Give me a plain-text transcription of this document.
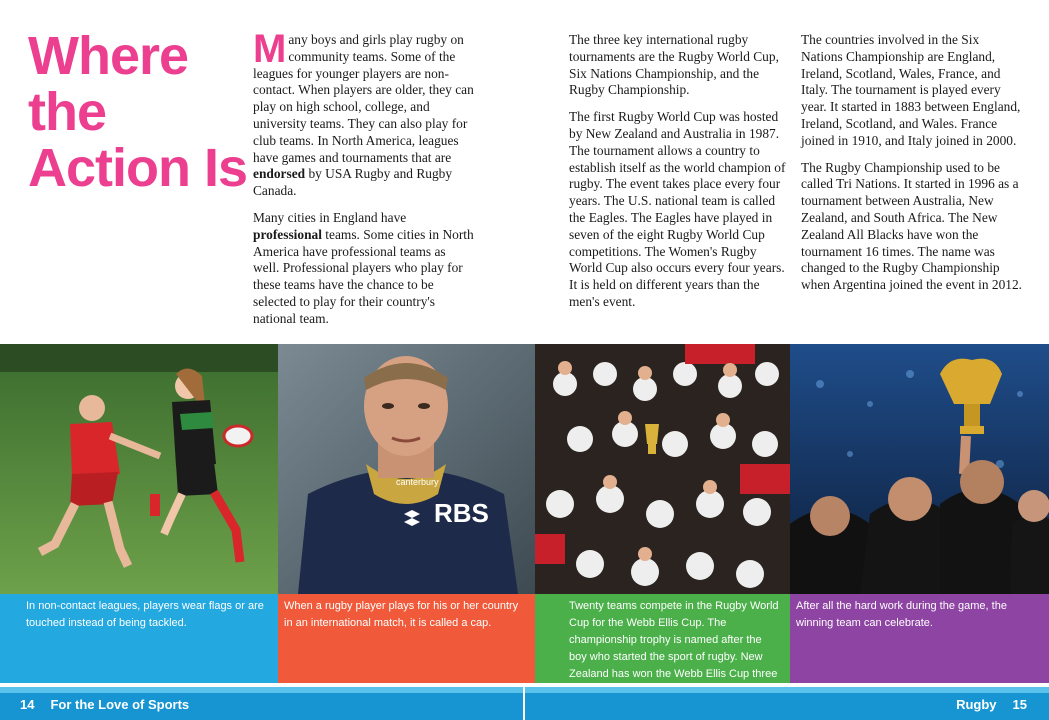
Where the
Action Is

Many boys and girls play rugby on community teams. Some of the leagues for younger players are non-contact. When players are older, they can play on high school, college, and university teams. They can also play for club teams. In North America, leagues have games and tournaments that are endorsed by USA Rugby and Rugby Canada.

Many cities in England have professional teams. Some cities in North America have professional teams as well. Professional players who play for these teams have the chance to be selected to play for their country's national team.

The three key international rugby tournaments are the Rugby World Cup, Six Nations Championship, and the Rugby Championship.

The first Rugby World Cup was hosted by New Zealand and Australia in 1987. The tournament allows a country to establish itself as the world champion of rugby. The event takes place every four years. The U.S. national team is called the Eagles. The Eagles have played in seven of the eight Rugby World Cup competitions. The Women's Rugby World Cup also occurs every four years. It is held on different years than the men's event.

The countries involved in the Six Nations Championship are England, Ireland, Scotland, Wales, France, and Italy. The tournament is played every year. It started in 1883 between England, Ireland, Scotland, and Wales. France joined in 1910, and Italy joined in 2000.

The Rugby Championship used to be called Tri Nations. It started in 1996 as a tournament between Australia, New Zealand, and South Africa. The New Zealand All Blacks have won the tournament 16 times. The name was changed to the Rugby Championship when Argentina joined the event in 2012.

canterbury
RBS
In non-contact leagues, players wear flags or are touched instead of being tackled.
When a rugby player plays for his or her country in an international match, it is called a cap.
Twenty teams compete in the Rugby World Cup for the Webb Ellis Cup. The championship trophy is named after the boy who started the sport of rugby. New Zealand has won the Webb Ellis Cup three
After all the hard work during the game, the winning team can celebrate.
14 For the Love of Sports	Rugby 15
